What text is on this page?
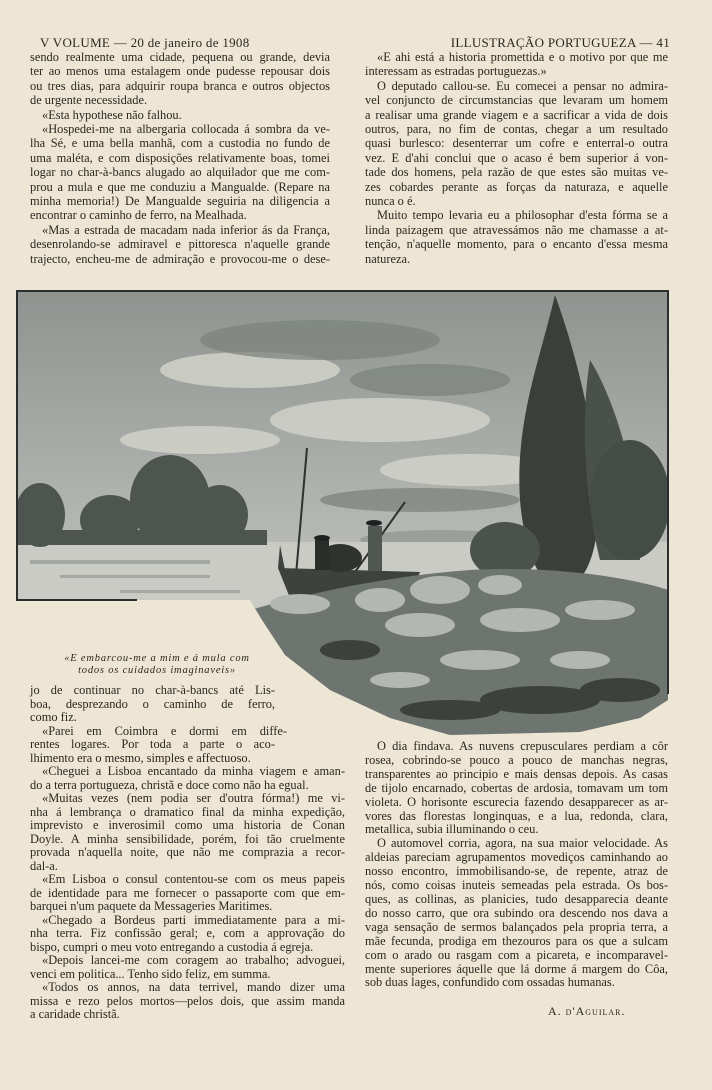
V VOLUME — 20 de janeiro de 1908	ILLUSTRAÇÃO PORTUGUEZA — 41
sendo realmente uma cidade, pequena ou grande, devia
ter ao menos uma estalagem onde pudesse repousar dois
ou tres dias, para adquirir roupa branca e outros objectos
de urgente necessidade.
«Esta hypothese não falhou.
«Hospedei-me na albergaria collocada á sombra da ve-
lha Sé, e uma bella manhã, com a custodia no fundo de
uma maléta, e com disposições relativamente boas, tomei
logar no char-à-bancs alugado ao alquilador que me com-
prou a mula e que me conduziu a Mangualde. (Repare na
minha memoria!) De Mangualde seguiria na diligencia a
encontrar o caminho de ferro, na Mealhada.
«Mas a estrada de macadam nada inferior ás da França,
desenrolando-se admiravel e pittoresca n'aquelle grande
trajecto, encheu-me de admiração e provocou-me o dese-
«E ahi está a historia promettida e o motivo por que me
interessam as estradas portuguezas.»
O deputado callou-se. Eu comecei a pensar no admira-
vel conjuncto de circumstancias que levaram um homem
a realisar uma grande viagem e a sacrificar a vida de dois
outros, para, no fim de contas, chegar a um resultado
quasi burlesco: desenterrar um cofre e enterral-o outra
vez. E d'ahi conclui que o acaso é bem superior á von-
tade dos homens, pela razão de que estes são muitas ve-
zes cobardes perante as forças da naturaza, e aquelle
nunca o é.
Muito tempo levaria eu a philosophar d'esta fórma se a
linda paizagem que atravessámos não me chamasse a at-
tenção, n'aquelle momento, para o encanto d'essa mesma
natureza.
«E embarcou-me a mim e á mula com
todos os cuidados imaginaveis»
jo de continuar no char-à-bancs até Lis-
boa, desprezando o caminho de ferro,
como fiz.
«Parei em Coimbra e dormi em diffe-
rentes logares. Por toda a parte o aco-
lhimento era o mesmo, simples e affectuoso.
«Cheguei a Lisboa encantado da minha viagem e aman-
do a terra portugueza, christã e doce como não ha egual.
«Muitas vezes (nem podia ser d'outra fórma!) me vi-
nha á lembrança o dramatico final da minha expedição,
imprevisto e inverosimil como uma historia de Conan
Doyle. A minha sensibilidade, porém, foi tão cruelmente
provada n'aquella noite, que não me comprazia a recor-
dal-a.
«Em Lisboa o consul contentou-se com os meus papeis
de identidade para me fornecer o passaporte com que em-
barquei n'um paquete da Messageries Maritimes.
«Chegado a Bordeus parti immediatamente para a mi-
nha terra. Fiz confissão geral; e, com a approvação do
bispo, cumpri o meu voto entregando a custodia á egreja.
«Depois lancei-me com coragem ao trabalho; advoguei,
venci em politica... Tenho sido feliz, em summa.
«Todos os annos, na data terrivel, mando dizer uma
missa e rezo pelos mortos—pelos dois, que assim manda
a caridade christã.
O dia findava. As nuvens crepusculares perdiam a côr
rosea, cobrindo-se pouco a pouco de manchas negras,
transparentes ao principio e mais densas depois. As casas
de tijolo encarnado, cobertas de ardosia, tomavam um tom
violeta. O horisonte escurecia fazendo desapparecer as ar-
vores das florestas longinquas, e a lua, redonda, clara,
metallica, subia illuminando o ceu.
O automovel corria, agora, na sua maior velocidade. As
aldeias pareciam agrupamentos movediços caminhando ao
nosso encontro, immobilisando-se, de repente, atraz de
nós, como coisas inuteis semeadas pela estrada. Os bos-
ques, as collinas, as planicies, tudo desapparecia deante
do nosso carro, que ora subindo ora descendo nos dava a
vaga sensação de sermos balançados pela propria terra, a
mãe fecunda, prodiga em thezouros para os que a sulcam
com o arado ou rasgam com a picareta, e incomparavel-
mente superiores áquelle que lá dorme á margem do Côa,
sob duas lages, confundido com ossadas humanas.
A. d'Aguilar.
